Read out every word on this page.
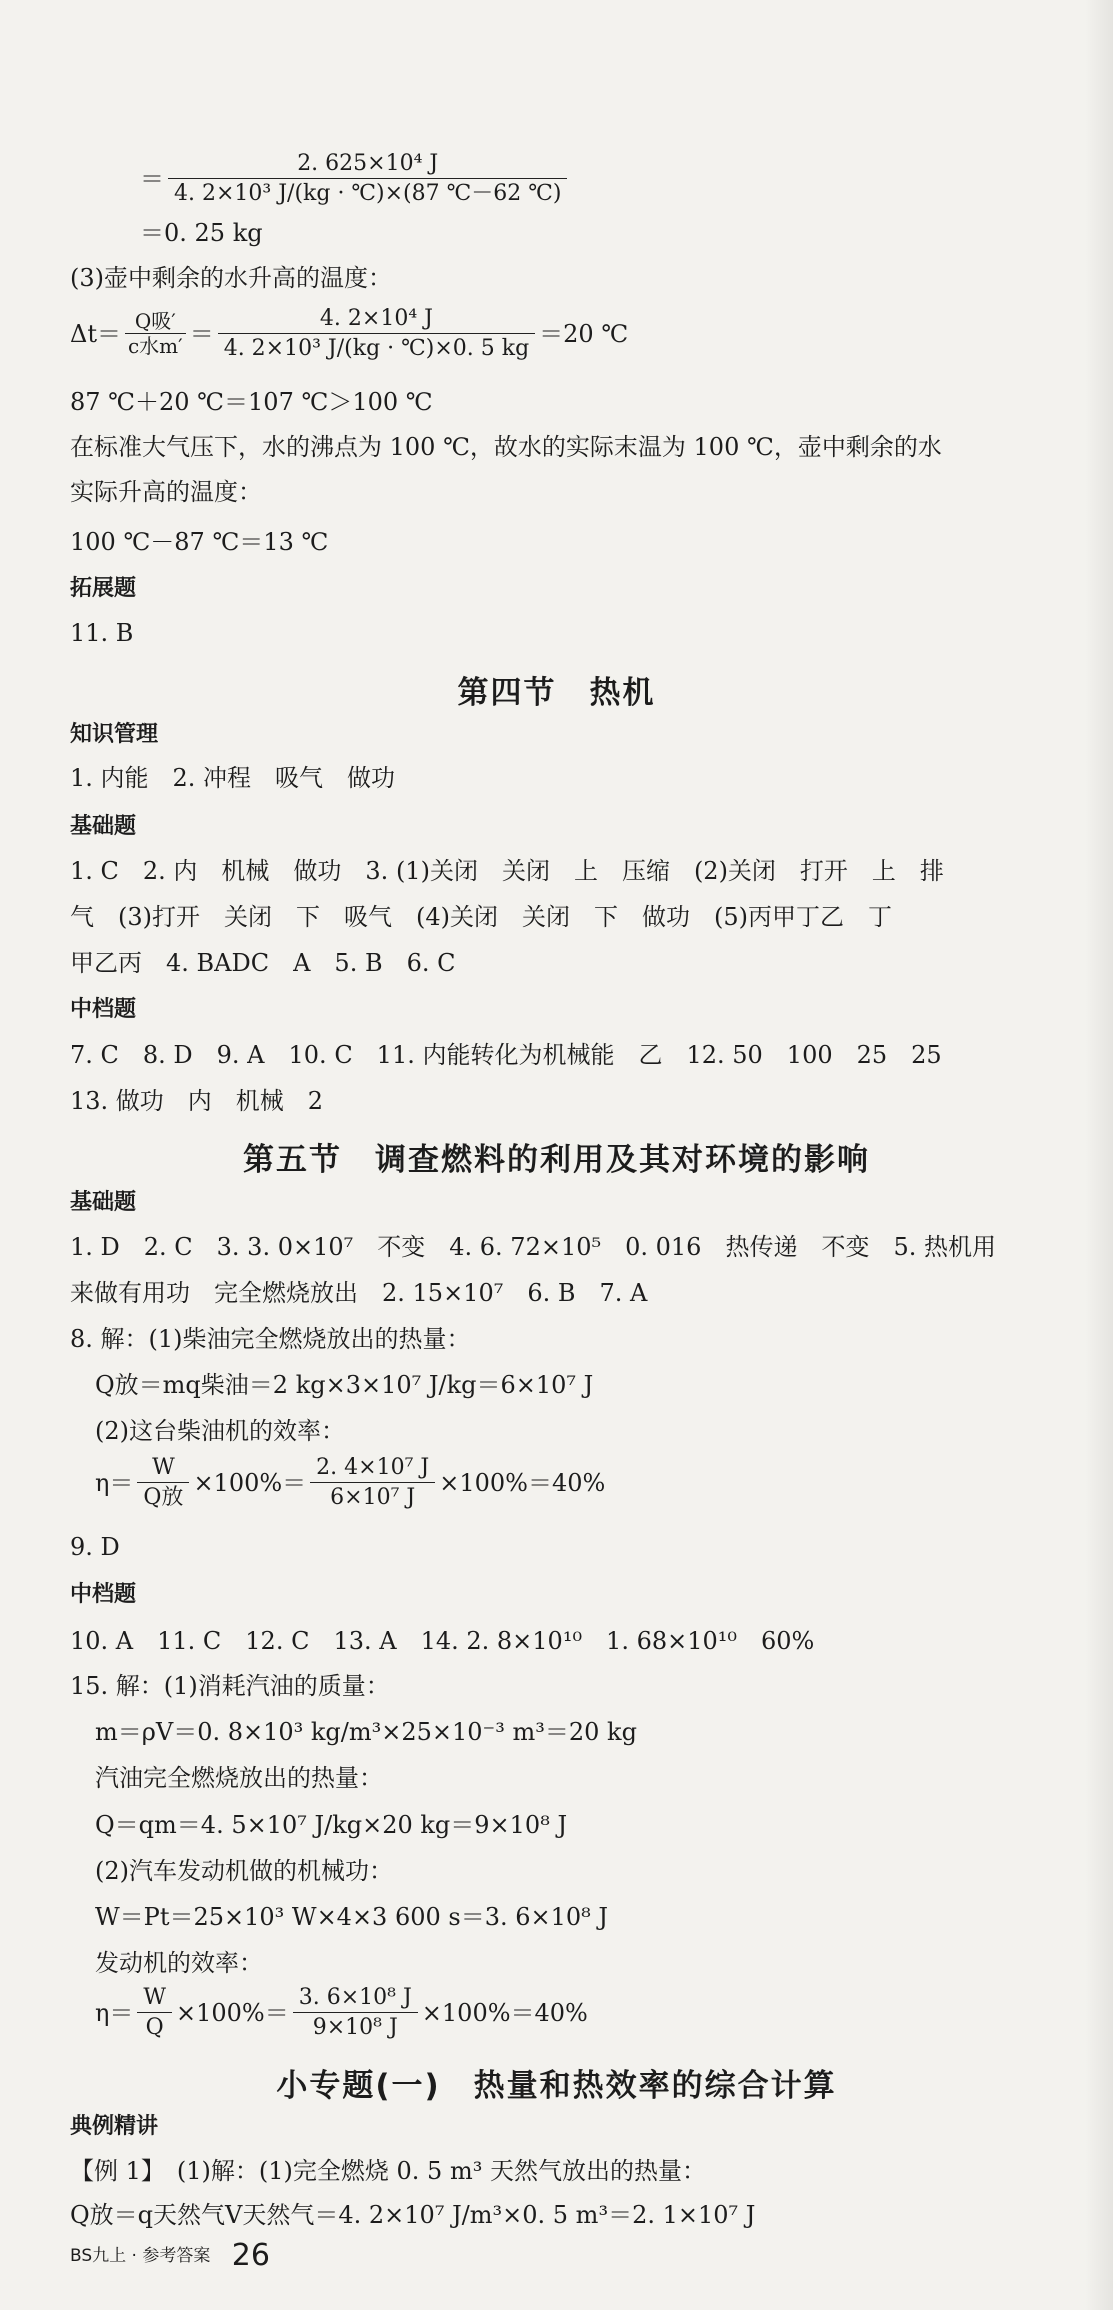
＝ $\frac{\text{2. 625×10⁴ J}}{\text{4. 2×10³ J/(kg · ℃)×(87 ℃－62 ℃)}}$
＝0. 25 kg
(3)壶中剩余的水升高的温度：
$\Delta t= \frac{\text{Q吸′}}{\text{c水m′}} = \frac{\text{4. 2×10⁴ J}}{\text{4. 2×10³ J/(kg · ℃)×0. 5 kg}} =20$ ℃
87 ℃＋20 ℃＝107 ℃＞100 ℃
在标准大气压下，水的沸点为 100 ℃，故水的实际末温为 100 ℃，壶中剩余的水
实际升高的温度：
100 ℃－87 ℃＝13 ℃
拓展题
11. B
第四节　热机
知识管理
1. 内能　2. 冲程　吸气　做功
基础题
1. C　2. 内　机械　做功　3. (1)关闭　关闭　上　压缩　(2)关闭　打开　上　排
气　(3)打开　关闭　下　吸气　(4)关闭　关闭　下　做功　(5)丙甲丁乙　丁
甲乙丙　4. BADC　A　5. B　6. C
中档题
7. C　8. D　9. A　10. C　11. 内能转化为机械能　乙　12. 50　100　25　25
13. 做功　内　机械　2
第五节　调查燃料的利用及其对环境的影响
基础题
1. D　2. C　3. 3. 0×10⁷　不变　4. 6. 72×10⁵　0. 016　热传递　不变　5. 热机用
来做有用功　完全燃烧放出　2. 15×10⁷　6. B　7. A
8. 解：(1)柴油完全燃烧放出的热量：
Q放＝mq柴油＝2 kg×3×10⁷ J/kg＝6×10⁷ J
(2)这台柴油机的效率：
$\eta= \frac{W}{\text{Q放}} \times 100\%= \frac{\text{2. 4×10⁷ J}}{\text{6×10⁷ J}} \times 100\%=40\%$
9. D
中档题
10. A　11. C　12. C　13. A　14. 2. 8×10¹⁰　1. 68×10¹⁰　60%
15. 解：(1)消耗汽油的质量：
m＝ρV＝0. 8×10³ kg/m³×25×10⁻³ m³＝20 kg
汽油完全燃烧放出的热量：
Q＝qm＝4. 5×10⁷ J/kg×20 kg＝9×10⁸ J
(2)汽车发动机做的机械功：
W＝Pt＝25×10³ W×4×3 600 s＝3. 6×10⁸ J
发动机的效率：
$\eta= \frac{W}{Q} \times 100\%= \frac{\text{3. 6×10⁸ J}}{\text{9×10⁸ J}} \times 100\%=40\%$
小专题(一)　热量和热效率的综合计算
典例精讲
【例 1】　(1)解：(1)完全燃烧 0. 5 m³ 天然气放出的热量：
Q放＝q天然气V天然气＝4. 2×10⁷ J/m³×0. 5 m³＝2. 1×10⁷ J
BS九上 · 参考答案 26
